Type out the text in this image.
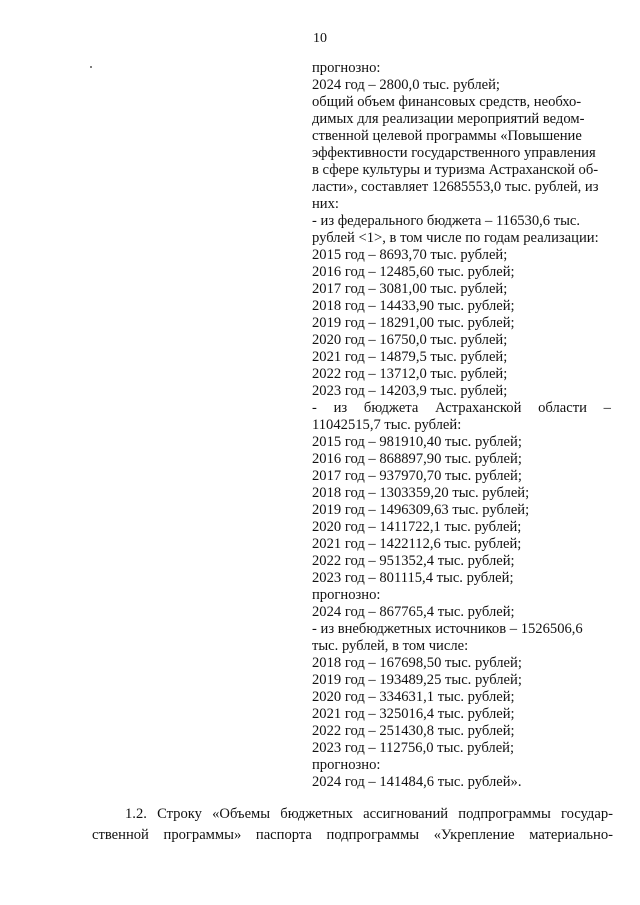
10
прогнозно:
2024 год – 2800,0 тыс. рублей;
общий объем финансовых средств, необхо-
димых для реализации мероприятий ведом-
ственной целевой программы «Повышение
эффективности государственного управления
в сфере культуры и туризма Астраханской об-
ласти», составляет 12685553,0 тыс. рублей, из
них:
- из федерального бюджета – 116530,6 тыс.
рублей <1>, в том числе по годам реализации:
2015 год – 8693,70 тыс. рублей;
2016 год – 12485,60 тыс. рублей;
2017 год – 3081,00 тыс. рублей;
2018 год – 14433,90 тыс. рублей;
2019 год – 18291,00 тыс. рублей;
2020 год – 16750,0 тыс. рублей;
2021 год – 14879,5 тыс. рублей;
2022 год – 13712,0 тыс. рублей;
2023 год – 14203,9 тыс. рублей;
- из бюджета Астраханской области –
11042515,7 тыс. рублей:
2015 год – 981910,40 тыс. рублей;
2016 год – 868897,90 тыс. рублей;
2017 год – 937970,70 тыс. рублей;
2018 год – 1303359,20 тыс. рублей;
2019 год – 1496309,63 тыс. рублей;
2020 год – 1411722,1 тыс. рублей;
2021 год – 1422112,6 тыс. рублей;
2022 год – 951352,4 тыс. рублей;
2023 год – 801115,4 тыс. рублей;
прогнозно:
2024 год – 867765,4 тыс. рублей;
- из внебюджетных источников – 1526506,6
тыс. рублей, в том числе:
2018 год – 167698,50 тыс. рублей;
2019 год – 193489,25 тыс. рублей;
2020 год – 334631,1 тыс. рублей;
2021 год – 325016,4 тыс. рублей;
2022 год – 251430,8 тыс. рублей;
2023 год – 112756,0 тыс. рублей;
прогнозно:
2024 год – 141484,6 тыс. рублей».
1.2. Строку «Объемы бюджетных ассигнований подпрограммы государ-
ственной программы» паспорта подпрограммы «Укрепление материально-
